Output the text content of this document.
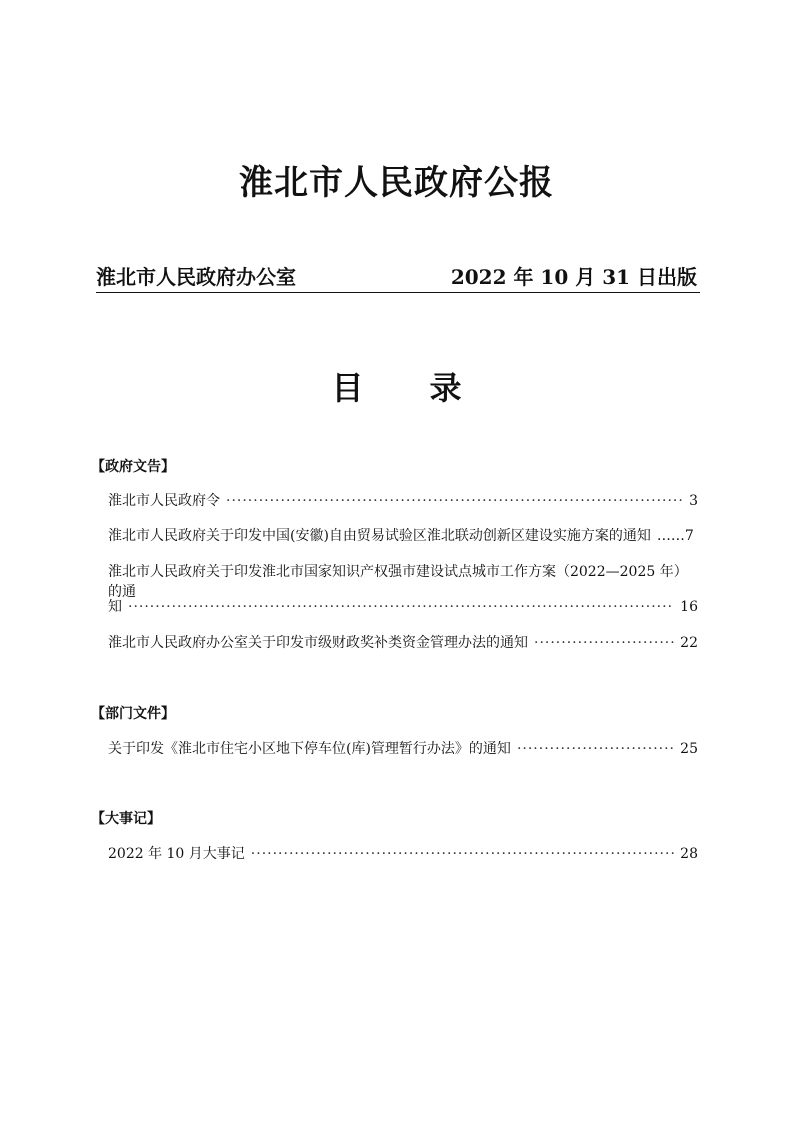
淮北市人民政府公报
淮北市人民政府办公室	2022 年 10 月 31 日出版
目 录
【政府文告】
淮北市人民政府令 ·····	3
淮北市人民政府关于印发中国(安徽)自由贸易试验区淮北联动创新区建设实施方案的通知 ……7
淮北市人民政府关于印发淮北市国家知识产权强市建设试点城市工作方案（2022—2025 年）的通
知 ·····	16
淮北市人民政府办公室关于印发市级财政奖补类资金管理办法的通知 ·····	22
【部门文件】
关于印发《淮北市住宅小区地下停车位(库)管理暂行办法》的通知 ·····	25
【大事记】
2022 年 10 月大事记 ·····	28
